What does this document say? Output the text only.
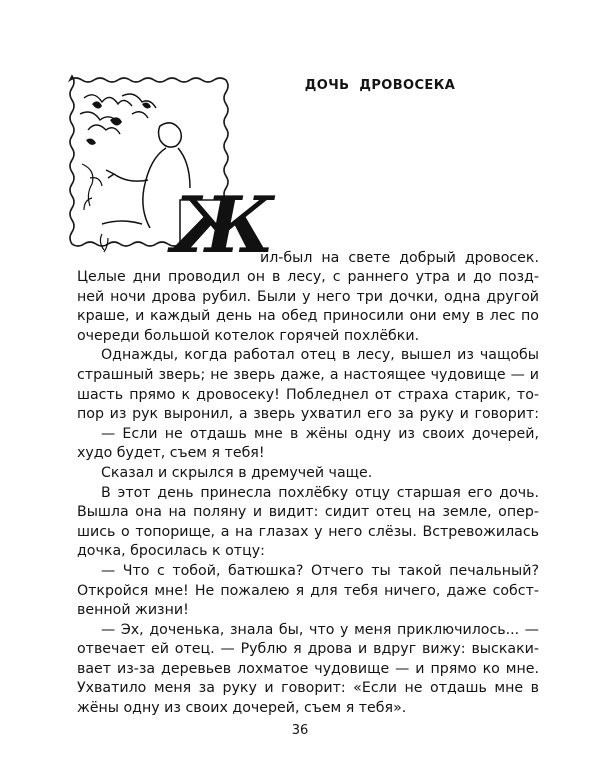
Ж
ДОЧЬ ДРОВОСЕКА
ил-был на свете добрый дровосек.
Целые дни проводил он в лесу, с раннего утра и до позд-
ней ночи дрова рубил. Были у него три дочки, одна другой
краше, и каждый день на обед приносили они ему в лес по
очереди большой котелок горячей похлёбки.
Однажды, когда работал отец в лесу, вышел из чащобы
страшный зверь; не зверь даже, а настоящее чудовище — и
шасть прямо к дровосеку! Побледнел от страха старик, то-
пор из рук выронил, а зверь ухватил его за руку и говорит:
— Если не отдашь мне в жёны одну из своих дочерей,
худо будет, съем я тебя!
Сказал и скрылся в дремучей чаще.
В этот день принесла похлёбку отцу старшая его дочь.
Вышла она на поляну и видит: сидит отец на земле, опер-
шись о топорище, а на глазах у него слёзы. Встревожилась
дочка, бросилась к отцу:
— Что с тобой, батюшка? Отчего ты такой печальный?
Откройся мне! Не пожалею я для тебя ничего, даже собст-
венной жизни!
— Эх, доченька, знала бы, что у меня приключилось... —
отвечает ей отец. — Рублю я дрова и вдруг вижу: выскаки-
вает из-за деревьев лохматое чудовище — и прямо ко мне.
Ухватило меня за руку и говорит: «Если не отдашь мне в
жёны одну из своих дочерей, съем я тебя».
36
